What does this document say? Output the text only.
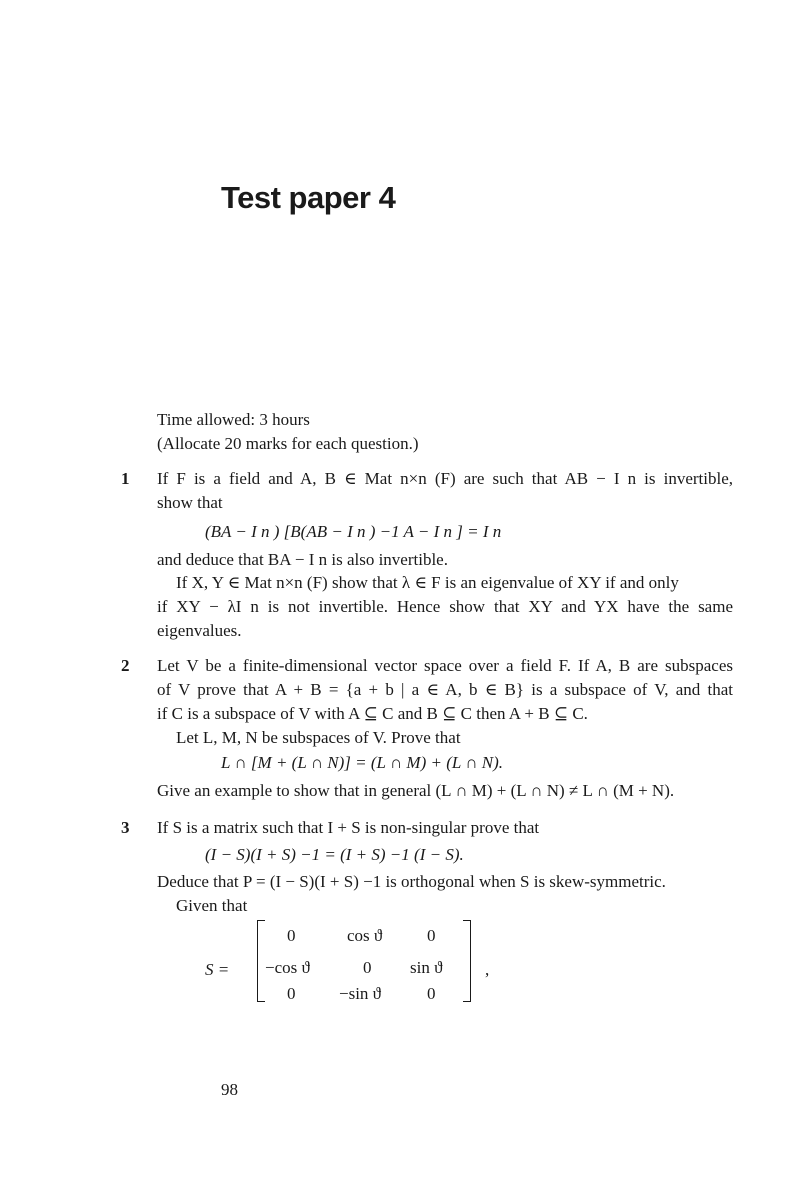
Test paper 4
Time allowed: 3 hours
(Allocate 20 marks for each question.)
1 If F is a field and A, B ∈ Mat n×n (F) are such that AB − I n is invertible,
show that
(BA − I n ) [B(AB − I n ) −1 A − I n ] = I n
and deduce that BA − I n is also invertible.
If X, Y ∈ Mat n×n (F) show that λ ∈ F is an eigenvalue of XY if and only
if XY − λI n is not invertible. Hence show that XY and YX have the same
eigenvalues.
2 Let V be a finite-dimensional vector space over a field F. If A, B are subspaces
of V prove that A + B = {a + b | a ∈ A, b ∈ B} is a subspace of V, and that
if C is a subspace of V with A ⊆ C and B ⊆ C then A + B ⊆ C.
Let L, M, N be subspaces of V. Prove that
L ∩ [M + (L ∩ N)] = (L ∩ M) + (L ∩ N).
Give an example to show that in general (L ∩ M) + (L ∩ N) ≠ L ∩ (M + N).
3 If S is a matrix such that I + S is non-singular prove that
(I − S)(I + S) −1 = (I + S) −1 (I − S).
Deduce that P = (I − S)(I + S) −1 is orthogonal when S is skew-symmetric.
Given that
S =
0	cos ϑ	0
−cos ϑ	0 sin ϑ
0	−sin ϑ	0
,
98
